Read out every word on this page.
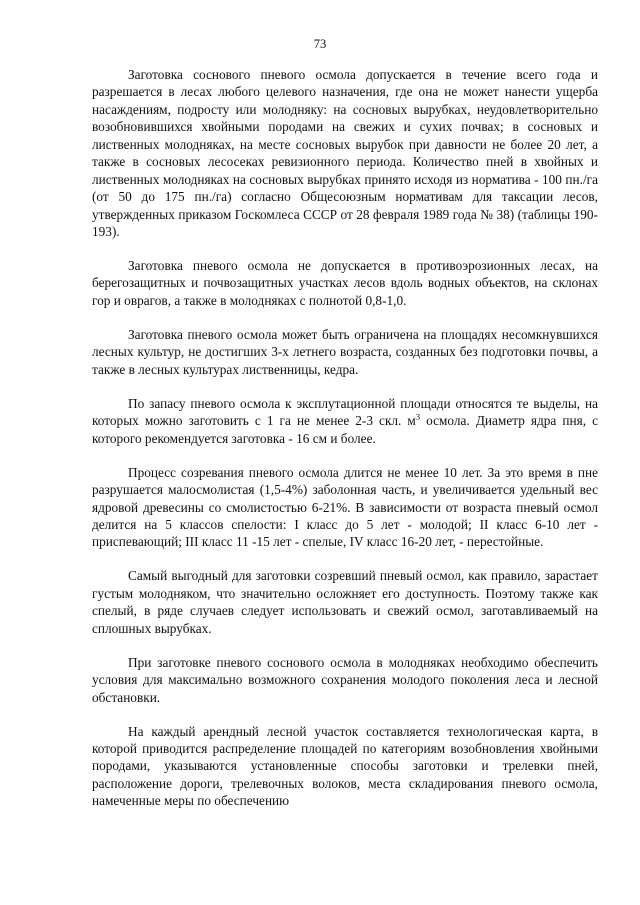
73

Заготовка соснового пневого осмола допускается в течение всего года и разрешается в лесах любого целевого назначения, где она не может нанести ущерба насаждениям, подросту или молодняку: на сосновых вырубках, неудовлетворительно возобновившихся хвойными породами на свежих и сухих почвах; в сосновых и лиственных молодняках, на месте сосновых вырубок при давности не более 20 лет, а также в сосновых лесосеках ревизионного периода. Количество пней в хвойных и лиственных молодняках на сосновых вырубках принято исходя из норматива - 100 пн./га (от 50 до 175 пн./га) согласно Общесоюзным нормативам для таксации лесов, утвержденных приказом Госкомлеса СССР от 28 февраля 1989 года № 38) (таблицы 190-193).

Заготовка пневого осмола не допускается в противоэрозионных лесах, на берегозащитных и почвозащитных участках лесов вдоль водных объектов, на склонах гор и оврагов, а также в молодняках с полнотой 0,8-1,0.

Заготовка пневого осмола может быть ограничена на площадях несомкнувшихся лесных культур, не достигших 3-х летнего возраста, созданных без подготовки почвы, а также в лесных культурах лиственницы, кедра.

По запасу пневого осмола к эксплутационной площади относятся те выделы, на которых можно заготовить с 1 га не менее 2-3 скл. $м^3$ осмола. Диаметр ядра пня, с которого рекомендуется заготовка - 16 см и более.

Процесс созревания пневого осмола длится не менее 10 лет. За это время в пне разрушается малосмолистая (1,5-4%) заболонная часть, и увеличивается удельный вес ядровой древесины со смолистостью 6-21%. В зависимости от возраста пневый осмол делится на 5 классов спелости: I класс до 5 лет - молодой; II класс 6-10 лет - приспевающий; III класс 11 -15 лет - спелые, IV класс 16-20 лет, - перестойные.

Самый выгодный для заготовки созревший пневый осмол, как правило, зарастает густым молодняком, что значительно осложняет его доступность. Поэтому также как спелый, в ряде случаев следует использовать и свежий осмол, заготавливаемый на сплошных вырубках.

При заготовке пневого соснового осмола в молодняках необходимо обеспечить условия для максимально возможного сохранения молодого поколения леса и лесной обстановки.

На каждый арендный лесной участок составляется технологическая карта, в которой приводится распределение площадей по категориям возобновления хвойными породами, указываются установленные способы заготовки и трелевки пней, расположение дороги, трелевочных волоков, места складирования пневого осмола, намеченные меры по обеспечению
